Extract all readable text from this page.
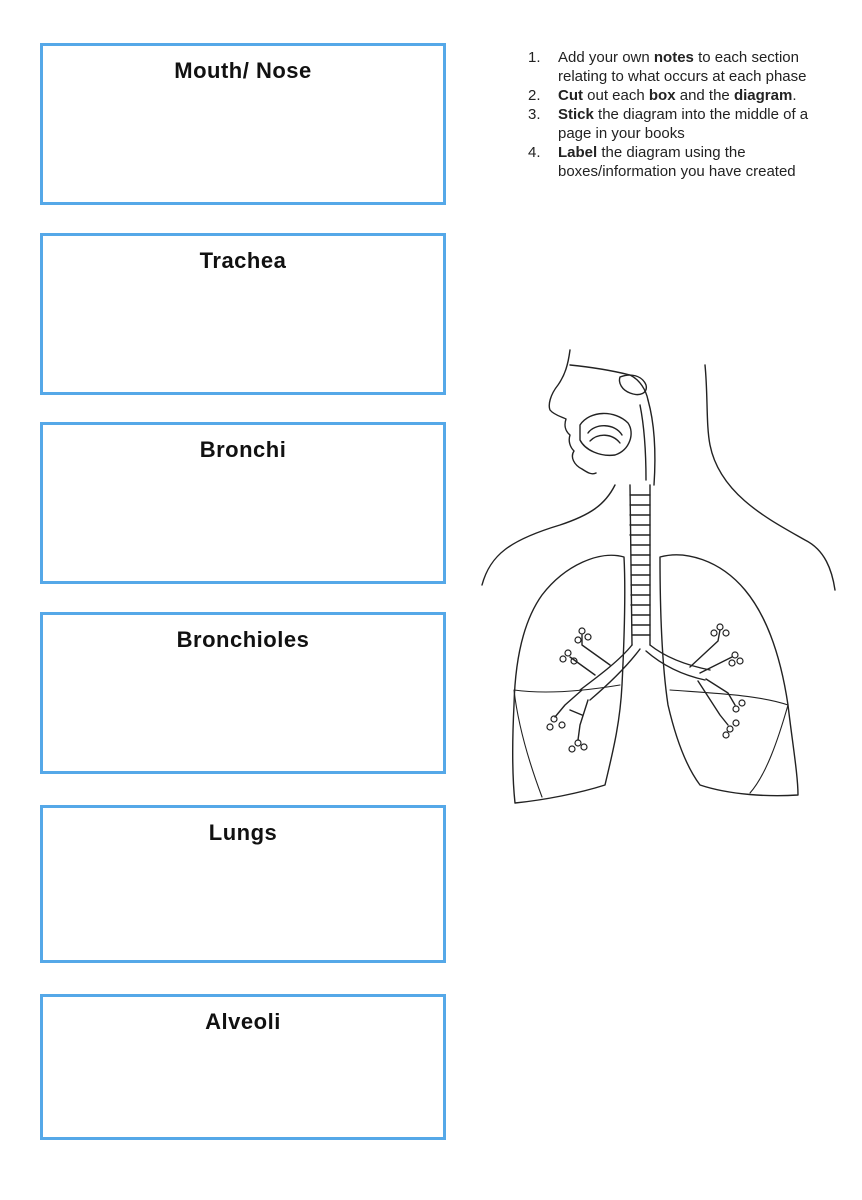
Mouth/ Nose
Trachea
Bronchi
Bronchioles
Lungs
Alveoli
1. Add your own notes to each section relating to what occurs at each phase
2. Cut out each box and the diagram.
3. Stick the diagram into the middle of a page in your books
4. Label the diagram using the boxes/information you have created
